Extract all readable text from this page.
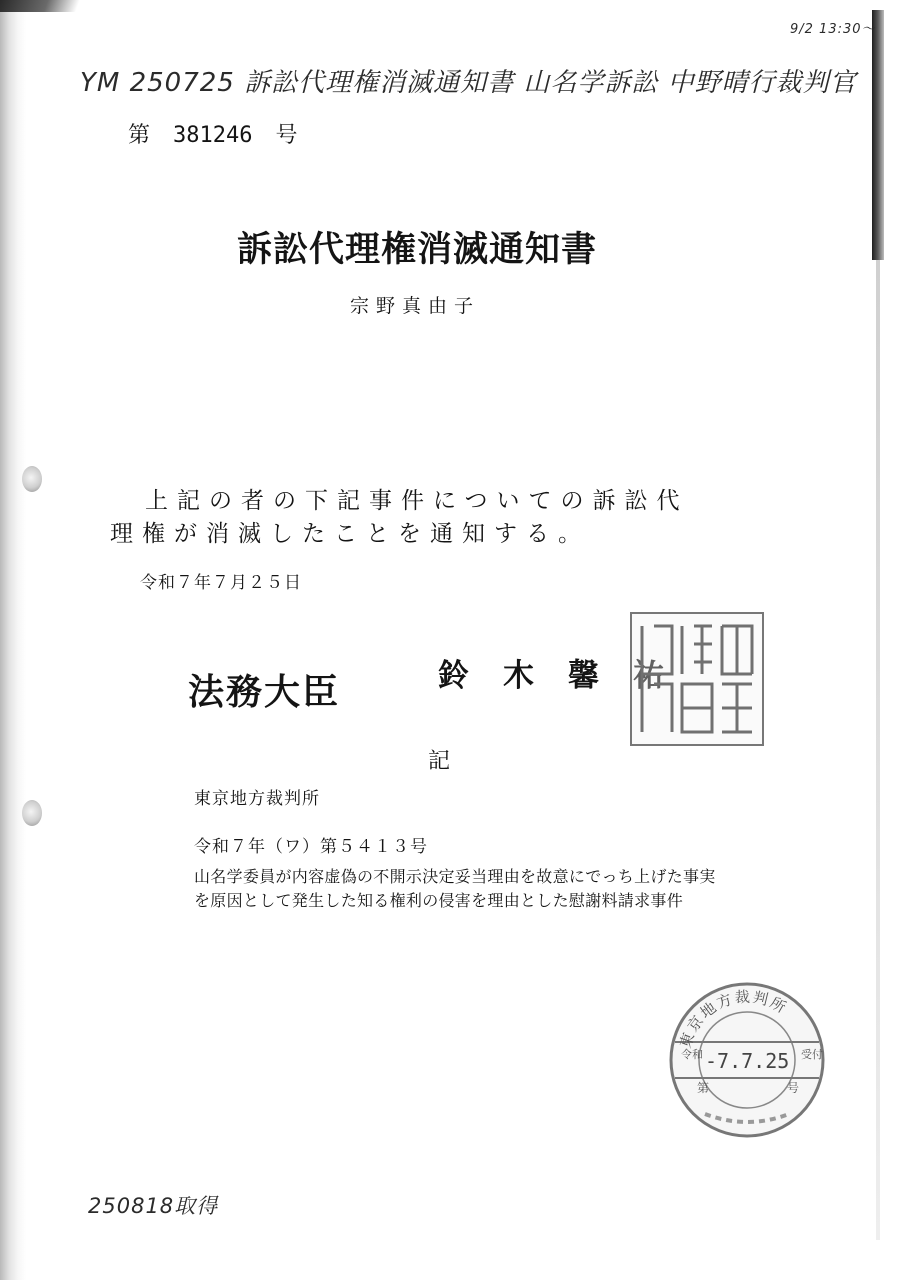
9/2 13:30〜
YM 250725 訴訟代理権消滅通知書 山名学訴訟 中野晴行裁判官
第 381246 号
訴訟代理権消滅通知書
宗野真由子
上記の者の下記事件についての訴訟代
理権が消滅したことを通知する。
令和７年７月２５日
法務大臣	鈴木馨祐
記
東京地方裁判所
令和７年（ワ）第５４１３号
山名学委員が内容虚偽の不開示決定妥当理由を故意にでっち上げた事実
を原因として発生した知る権利の侵害を理由とした慰謝料請求事件
東京地方裁判所
令和 -7.7.25 受付
第	号
250818取得
